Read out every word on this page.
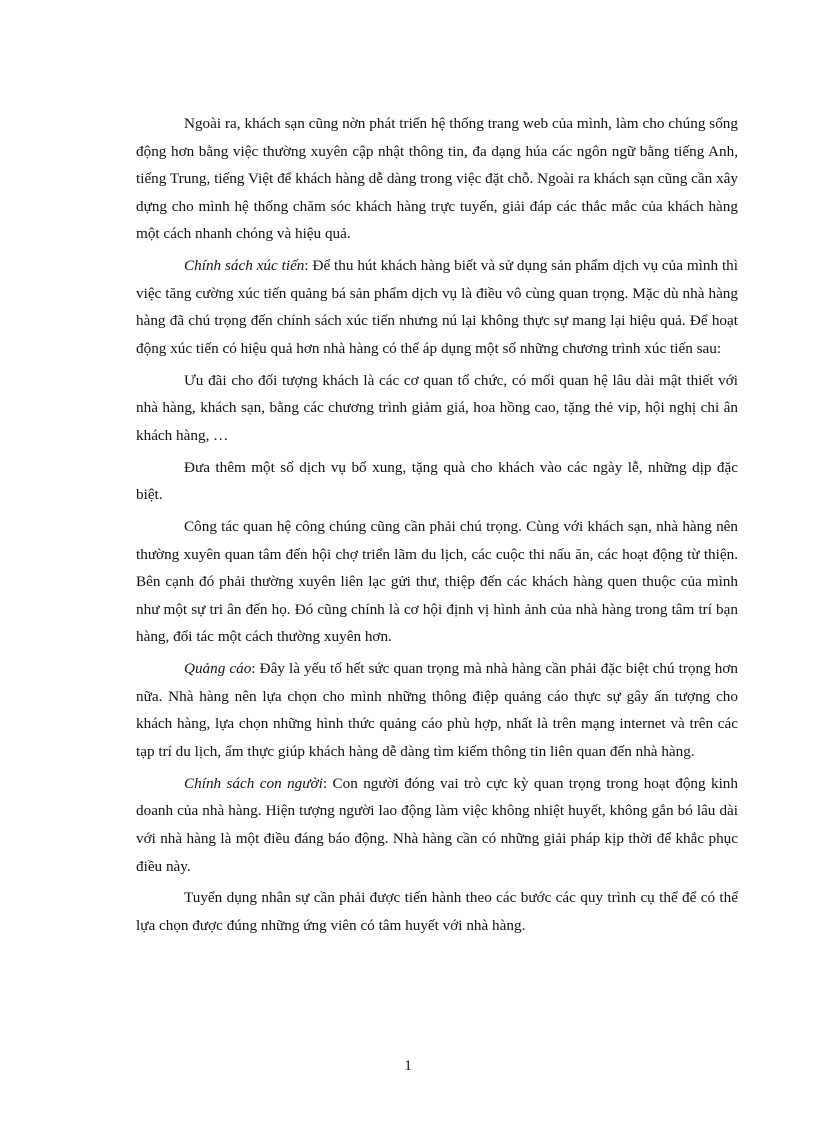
Ngoài ra, khách sạn cũng nờn phát triển hệ thống trang web của mình, làm cho chúng sống động hơn bằng việc thường xuyên cập nhật thông tin, đa dạng húa các ngôn ngữ bằng tiếng Anh, tiếng Trung, tiếng Việt để khách hàng dễ dàng trong việc đặt chỗ. Ngoài ra khách sạn cũng cần xây dựng cho mình hệ thống chăm sóc khách hàng trực tuyến, giải đáp các thắc mắc của khách hàng một cách nhanh chóng và hiệu quả.

Chính sách xúc tiến: Để thu hút khách hàng biết và sử dụng sản phẩm dịch vụ của mình thì việc tăng cường xúc tiến quảng bá sản phẩm dịch vụ là điều vô cùng quan trọng. Mặc dù nhà hàng hàng đã chú trọng đến chính sách xúc tiến nhưng nú lại không thực sự mang lại hiệu quả. Để hoạt động xúc tiến có hiệu quả hơn nhà hàng có thể áp dụng một số những chương trình xúc tiến sau:

Ưu đãi cho đối tượng khách là các cơ quan tổ chức, có mối quan hệ lâu dài mật thiết với nhà hàng, khách sạn, bằng các chương trình giảm giá, hoa hồng cao, tặng thẻ vip, hội nghị chi ân khách hàng, …

Đưa thêm một số dịch vụ bổ xung, tặng quà cho khách vào các ngày lễ, những dịp đặc biệt.

Công tác quan hệ công chúng cũng cần phải chú trọng. Cùng với khách sạn, nhà hàng nên thường xuyên quan tâm đến hội chợ triển lãm du lịch, các cuộc thi nấu ăn, các hoạt động từ thiện. Bên cạnh đó phải thường xuyên liên lạc gửi thư, thiệp đến các khách hàng quen thuộc của mình như một sự tri ân đến họ. Đó cũng chính là cơ hội định vị hình ảnh của nhà hàng trong tâm trí bạn hàng, đối tác một cách thường xuyên hơn.

Quảng cáo: Đây là yếu tố hết sức quan trọng mà nhà hàng cần phải đặc biệt chú trọng hơn nữa. Nhà hàng nên lựa chọn cho mình những thông điệp quảng cáo thực sự gây ấn tượng cho khách hàng, lựa chọn những hình thức quảng cáo phù hợp, nhất là trên mạng internet và trên các tạp trí du lịch, ẩm thực giúp khách hàng dễ dàng tìm kiếm thông tin liên quan đến nhà hàng.

Chính sách con người: Con người đóng vai trò cực kỳ quan trọng trong hoạt động kinh doanh của nhà hàng. Hiện tượng người lao động làm việc không nhiệt huyết, không gắn bó lâu dài với nhà hàng là một điều đáng báo động. Nhà hàng cần có những giải pháp kịp thời để khắc phục điều này.

Tuyển dụng nhân sự cần phải được tiến hành theo các bước các quy trình cụ thể để có thể lựa chọn được đúng những ứng viên có tâm huyết với nhà hàng.

1
